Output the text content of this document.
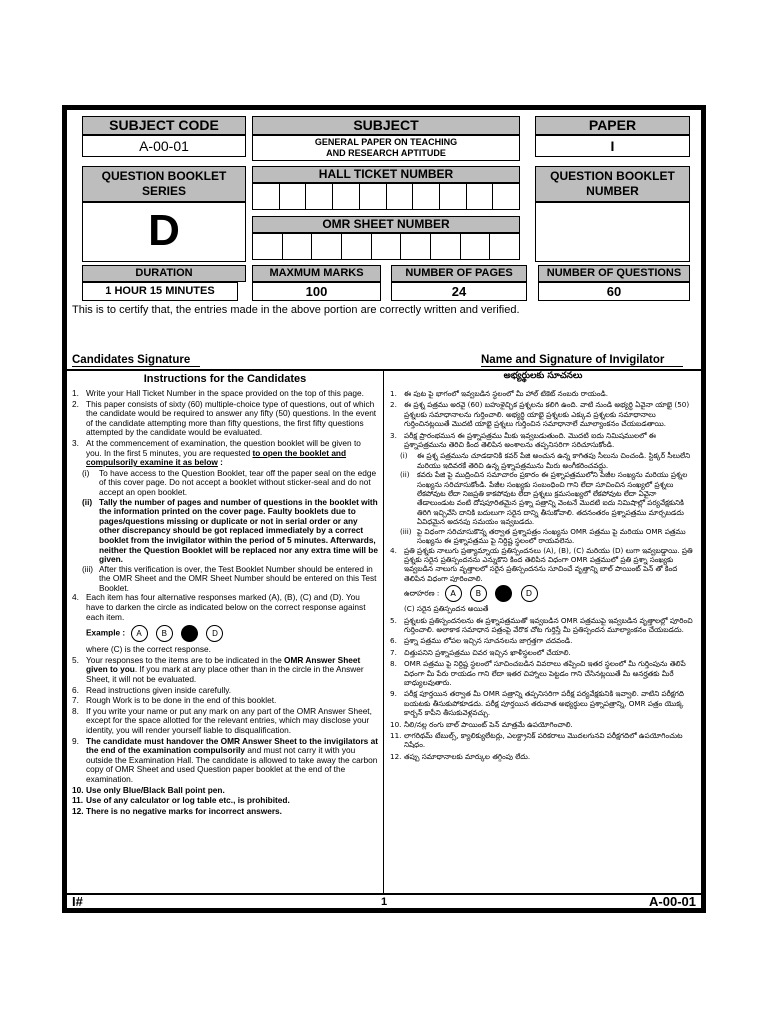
SUBJECT CODE
A-00-01
SUBJECT
GENERAL PAPER ON TEACHING
AND RESEARCH APTITUDE
PAPER
I
QUESTION BOOKLET
SERIES
D
HALL TICKET NUMBER
OMR SHEET NUMBER
QUESTION BOOKLET
NUMBER
DURATION
1 HOUR 15 MINUTES
MAXMUM MARKS
100
NUMBER OF PAGES
24
NUMBER OF QUESTIONS
60
This is to certify that, the entries made in the above portion are correctly written and verified.
Candidates Signature	Name and Signature of Invigilator
Instructions for the Candidates
1. Write your Hall Ticket Number in the space provided on the top of this page.
2. This paper consists of sixty (60) multiple-choice type of questions, out of which the candidate would be required to answer any fifty (50) questions. In the event of the candidate attempting more than fifty questions, the first fifty questions attempted by the candidate would be evaluated.
3. At the commencement of examination, the question booklet will be given to you. In the first 5 minutes, you are requested to open the booklet and compulsorily examine it as below :
(i) To have access to the Question Booklet, tear off the paper seal on the edge of this cover page. Do not accept a booklet without sticker-seal and do not accept an open booklet.
(ii) Tally the number of pages and number of questions in the booklet with the information printed on the cover page. Faulty booklets due to pages/questions missing or duplicate or not in serial order or any other discrepancy should be got replaced immediately by a correct booklet from the invigilator within the period of 5 minutes. Afterwards, neither the Question Booklet will be replaced nor any extra time will be given.
(iii) After this verification is over, the Test Booklet Number should be entered in the OMR Sheet and the OMR Sheet Number should be entered on this Test Booklet.
4. Each item has four alternative responses marked (A), (B), (C) and (D). You have to darken the circle as indicated below on the correct response against each item.
Example : A B	D
where (C) is the correct response.
5. Your responses to the items are to be indicated in the OMR Answer Sheet given to you. If you mark at any place other than in the circle in the Answer Sheet, it will not be evaluated.
6. Read instructions given inside carefully.
7. Rough Work is to be done in the end of this booklet.
8. If you write your name or put any mark on any part of the OMR Answer Sheet, except for the space allotted for the relevant entries, which may disclose your identity, you will render yourself liable to disqualification.
9. The candidate must handover the OMR Answer Sheet to the invigilators at the end of the examination compulsorily and must not carry it with you outside the Examination Hall. The candidate is allowed to take away the carbon copy of OMR Sheet and used Question paper booklet at the end of the examination.
10. Use only Blue/Black Ball point pen.
11. Use of any calculator or log table etc., is prohibited.
12. There is no negative marks for incorrect answers.
అభ్యర్థులకు సూచనలు
1. ఈ పుట పై భాగంలో ఇవ్వబడిన స్థలంలో మీ హాల్ టికెట్ నంబరు రాయండి.
2. ఈ ప్రశ్న పత్రము అరవై (60) బహుళైచ్ఛిక ప్రశ్నలను కలిగి ఉంది. వాటి నుండి అభ్యర్థి ఏవైనా యాభై (50) ప్రశ్నలకు సమాధానాలను గుర్తించాలి. అభ్యర్థి యాభై ప్రశ్నలకు ఎక్కువ ప్రశ్నలకు సమాధానాలు గుర్తించినట్లయితే మొదటి యాభై ప్రశ్నలు గుర్తించిన సమాధానాలే మూల్యాంకనం చేయబడతాయి.
3. పరీక్ష ప్రారంభమున ఈ ప్రశ్నాపత్రము మీకు ఇవ్వబడుతుంది. మొదటి ఐదు నిమిషములలో ఈ ప్రశ్నాపత్రమును తెరిచి కింద తెలిపిన అంశాలను తప్పనిసరిగా సరిచూసుకోండి.
(i) ఈ ప్రశ్న పత్రమును చూడడానికి కవర్ పేజి అంచున ఉన్న కాగితపు సీలును చించండి. స్టిక్కర్ సీలులేని మరియు ఇదివరకే తెరిచి ఉన్న ప్రశ్నాపత్రమును మీరు అంగీకరించవద్దు.
(ii) కవరు పేజి పై ముద్రించిన సమాచారం ప్రకారం ఈ ప్రశ్నాపత్రములోని పేజీల సంఖ్యను మరియు ప్రశ్నల సంఖ్యను సరిచూసుకోండి. పేజీల సంఖ్యకు సంబంధించి గాని లేదా సూచించిన సంఖ్యలో ప్రశ్నలు లేకపోవుట లేదా నిజప్రతి కాకపోవుట లేదా ప్రశ్నలు క్రమసంఖ్యలో లేకపోవుట లేదా ఏవైనా తేడాలుండుట వంటి దోషపూరితమైన ప్రశ్నా పత్రాన్ని వెంటనే మొదటి ఐదు నిమిషాల్లో పర్యవేక్షకునికి తిరిగి ఇచ్చివేసి దానికి బదులుగా సరైన దాన్ని తీసుకోవాలి. తదనంతరం ప్రశ్నాపత్రము మార్చబడదు ఏవిధమైన అదనపు సమయం ఇవ్వబడదు.
(iii) పై విధంగా సరిచూసుకొన్న తర్వాత ప్రశ్నాపత్రం సంఖ్యను OMR పత్రము పై మరియు OMR పత్రము సంఖ్యను ఈ ప్రశ్నాపత్రము పై నిర్దిష్ట స్థలంలో రాయవలెను.
4. ప్రతి ప్రశ్నకు నాలుగు ప్రత్యామ్నాయ ప్రతిస్పందనలు (A), (B), (C) మరియు (D) లుగా ఇవ్వబడ్డాయి. ప్రతి ప్రశ్నకు సరైన ప్రతిస్పందనను ఎన్నుకొని కింద తెలిపిన విధంగా OMR పత్రములో ప్రతి ప్రశ్నా సంఖ్యకు ఇవ్వబడిన నాలుగు వృత్తాలలో సరైన ప్రతిస్పందనను సూచించే వృత్తాన్ని బాల్ పాయింట్ పెన్ తో కింద తెలిపిన విధంగా పూరించాలి.
ఉదాహరణ : A B	D
(C) సరైన ప్రతిస్పందన అయితే
5. ప్రశ్నలకు ప్రతిస్పందనలను ఈ ప్రశ్నాపత్రముతో ఇవ్వబడిన OMR పత్రముపై ఇవ్వబడిన వృత్తాలల్లో పూరించి గుర్తించాలి. అలాకాక సమాధాన పత్రంపై వేరొక చోట గుర్తిస్తే మీ ప్రతిస్పందన మూల్యాంకనం చేయబడదు.
6. ప్రశ్నా పత్రము లోపల ఇచ్చిన సూచనలను జాగ్రత్తగా చదవండి.
7. చిత్తుపనిని ప్రశ్నాపత్రము చివర ఇచ్చిన ఖాళీస్థలంలో చేయాలి.
8. OMR పత్రము పై నిర్దిష్ట స్థలంలో సూచించబడిన వివరాలు తప్పించి ఇతర స్థలంలో మీ గుర్తింపును తెలిపే విధంగా మీ పేరు రాయడం గాని లేదా ఇతర చిహ్నాలు పెట్టడం గాని చేసినట్లయితే మీ అనర్హతకు మీరే బాధ్యులవుతారు.
9. పరీక్ష పూర్తయిన తర్వాత మీ OMR పత్రాన్ని తప్పనిసరిగా పరీక్ష పర్యవేక్షకునికి ఇవ్వాలి. వాటిని పరీక్షగది బయటకు తీసుకుపోకూడదు. పరీక్ష పూర్తయిన తరువాత అభ్యర్థులు ప్రశ్నాపత్రాన్ని, OMR పత్రం యొక్క కార్బన్ కాపీని తీసుకువెళ్లవచ్చు.
10. నీలి/నల్ల రంగు బాల్ పాయింట్ పెన్ మాత్రమే ఉపయోగించాలి.
11. లాగరిథమ్ టేబుల్స్, క్యాలిక్యులేటర్లు, ఎలక్ట్రానిక్ పరికరాలు మొదలగునవి పరీక్షగదిలో ఉపయోగించుట నిషేధం.
12. తప్పు సమాధానాలకు మార్కుల తగ్గింపు లేదు.
I#	1	A-00-01
